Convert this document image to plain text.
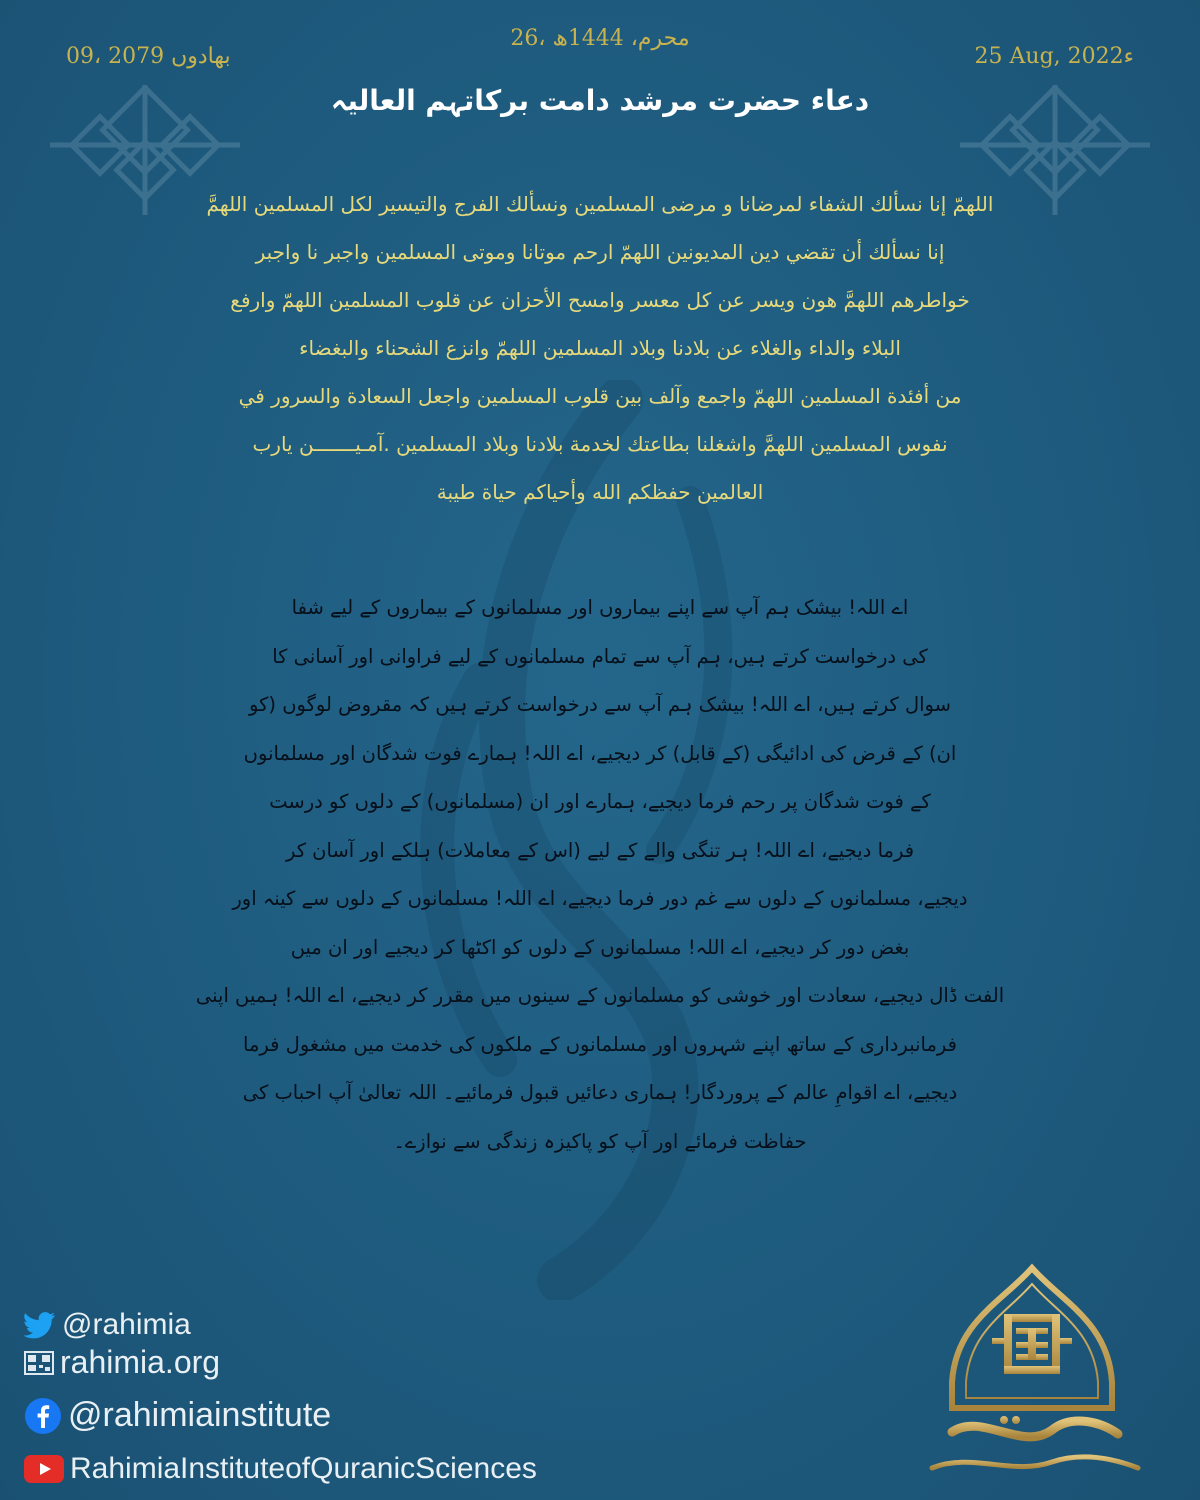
26، محرم، 1444ھ
09، بھادوں 2079	25 Aug, 2022ء
دعاء حضرت مرشد دامت برکاتہم العالیہ
اللهمّ إنا نسألك الشفاء لمرضانا و مرضى المسلمين ونسألك الفرج والتيسير لكل المسلمين اللهمَّ
إنا نسألك أن تقضي دين المديونين اللهمّ ارحم موتانا وموتى المسلمين واجبر نا واجبر
خواطرهم اللهمَّ هون ويسر عن كل معسر وامسح الأحزان عن قلوب المسلمين اللهمّ وارفع
البلاء والداء والغلاء عن بلادنا وبلاد المسلمين اللهمّ وانزع الشحناء والبغضاء
من أفئدة المسلمين اللهمّ واجمع وآلف بين قلوب المسلمين واجعل السعادة والسرور في
نفوس المسلمين اللهمَّ واشغلنا بطاعتك لخدمة بلادنا وبلاد المسلمين .آمـيـــــــن يارب
العالمين حفظكم الله وأحياكم حياة طيبة
اے اللہ! بیشک ہم آپ سے اپنے بیماروں اور مسلمانوں کے بیماروں کے لیے شفا
کی درخواست کرتے ہیں، ہم آپ سے تمام مسلمانوں کے لیے فراوانی اور آسانی کا
سوال کرتے ہیں، اے اللہ! بیشک ہم آپ سے درخواست کرتے ہیں کہ مقروض لوگوں (کو
ان) کے قرض کی ادائیگی (کے قابل) کر دیجیے، اے اللہ! ہمارے فوت شدگان اور مسلمانوں
کے فوت شدگان پر رحم فرما دیجیے، ہمارے اور ان (مسلمانوں) کے دلوں کو درست
فرما دیجیے، اے اللہ! ہر تنگی والے کے لیے (اس کے معاملات) ہلکے اور آسان کر
دیجیے، مسلمانوں کے دلوں سے غم دور فرما دیجیے، اے اللہ! مسلمانوں کے دلوں سے کینہ اور
بغض دور کر دیجیے، اے اللہ! مسلمانوں کے دلوں کو اکٹھا کر دیجیے اور ان میں
الفت ڈال دیجیے، سعادت اور خوشی کو مسلمانوں کے سینوں میں مقرر کر دیجیے، اے اللہ! ہمیں اپنی
فرمانبرداری کے ساتھ اپنے شہروں اور مسلمانوں کے ملکوں کی خدمت میں مشغول فرما
دیجیے، اے اقوامِ عالم کے پروردگار! ہماری دعائیں قبول فرمائیے۔ اللہ تعالیٰ آپ احباب کی
حفاظت فرمائے اور آپ کو پاکیزہ زندگی سے نوازے۔
@rahimia
rahimia.org
@rahimiainstitute
RahimiaInstituteofQuranicSciences
